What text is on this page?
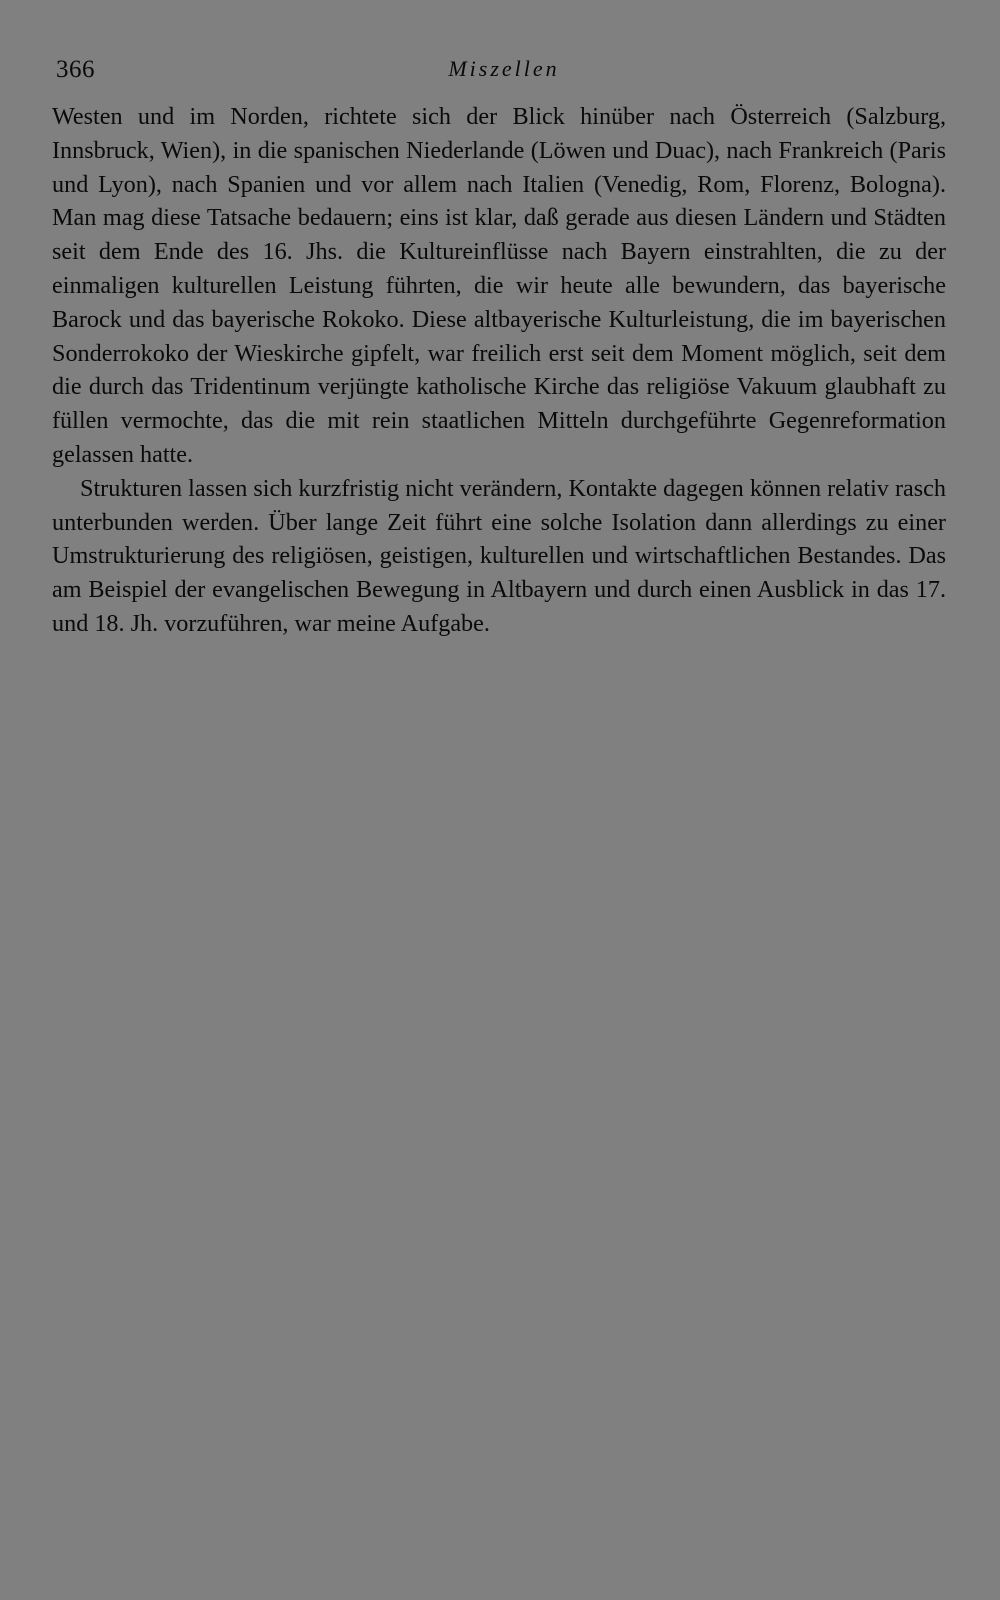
366	Miszellen

Westen und im Norden, richtete sich der Blick hinüber nach Österreich (Salzburg, Innsbruck, Wien), in die spanischen Niederlande (Löwen und Duac), nach Frankreich (Paris und Lyon), nach Spanien und vor allem nach Italien (Venedig, Rom, Florenz, Bologna). Man mag diese Tatsache bedauern; eins ist klar, daß gerade aus diesen Ländern und Städten seit dem Ende des 16. Jhs. die Kultureinflüsse nach Bayern einstrahlten, die zu der einmaligen kulturellen Leistung führten, die wir heute alle bewundern, das bayerische Barock und das bayerische Rokoko. Diese altbayerische Kulturleistung, die im bayerischen Sonderrokoko der Wieskirche gipfelt, war freilich erst seit dem Moment möglich, seit dem die durch das Tridentinum verjüngte katholische Kirche das religiöse Vakuum glaubhaft zu füllen vermochte, das die mit rein staatlichen Mitteln durchgeführte Gegenreformation gelassen hatte.

Strukturen lassen sich kurzfristig nicht verändern, Kontakte dagegen können relativ rasch unterbunden werden. Über lange Zeit führt eine solche Isolation dann allerdings zu einer Umstrukturierung des religiösen, geistigen, kulturellen und wirtschaftlichen Bestandes. Das am Beispiel der evangelischen Bewegung in Altbayern und durch einen Ausblick in das 17. und 18. Jh. vorzuführen, war meine Aufgabe.
